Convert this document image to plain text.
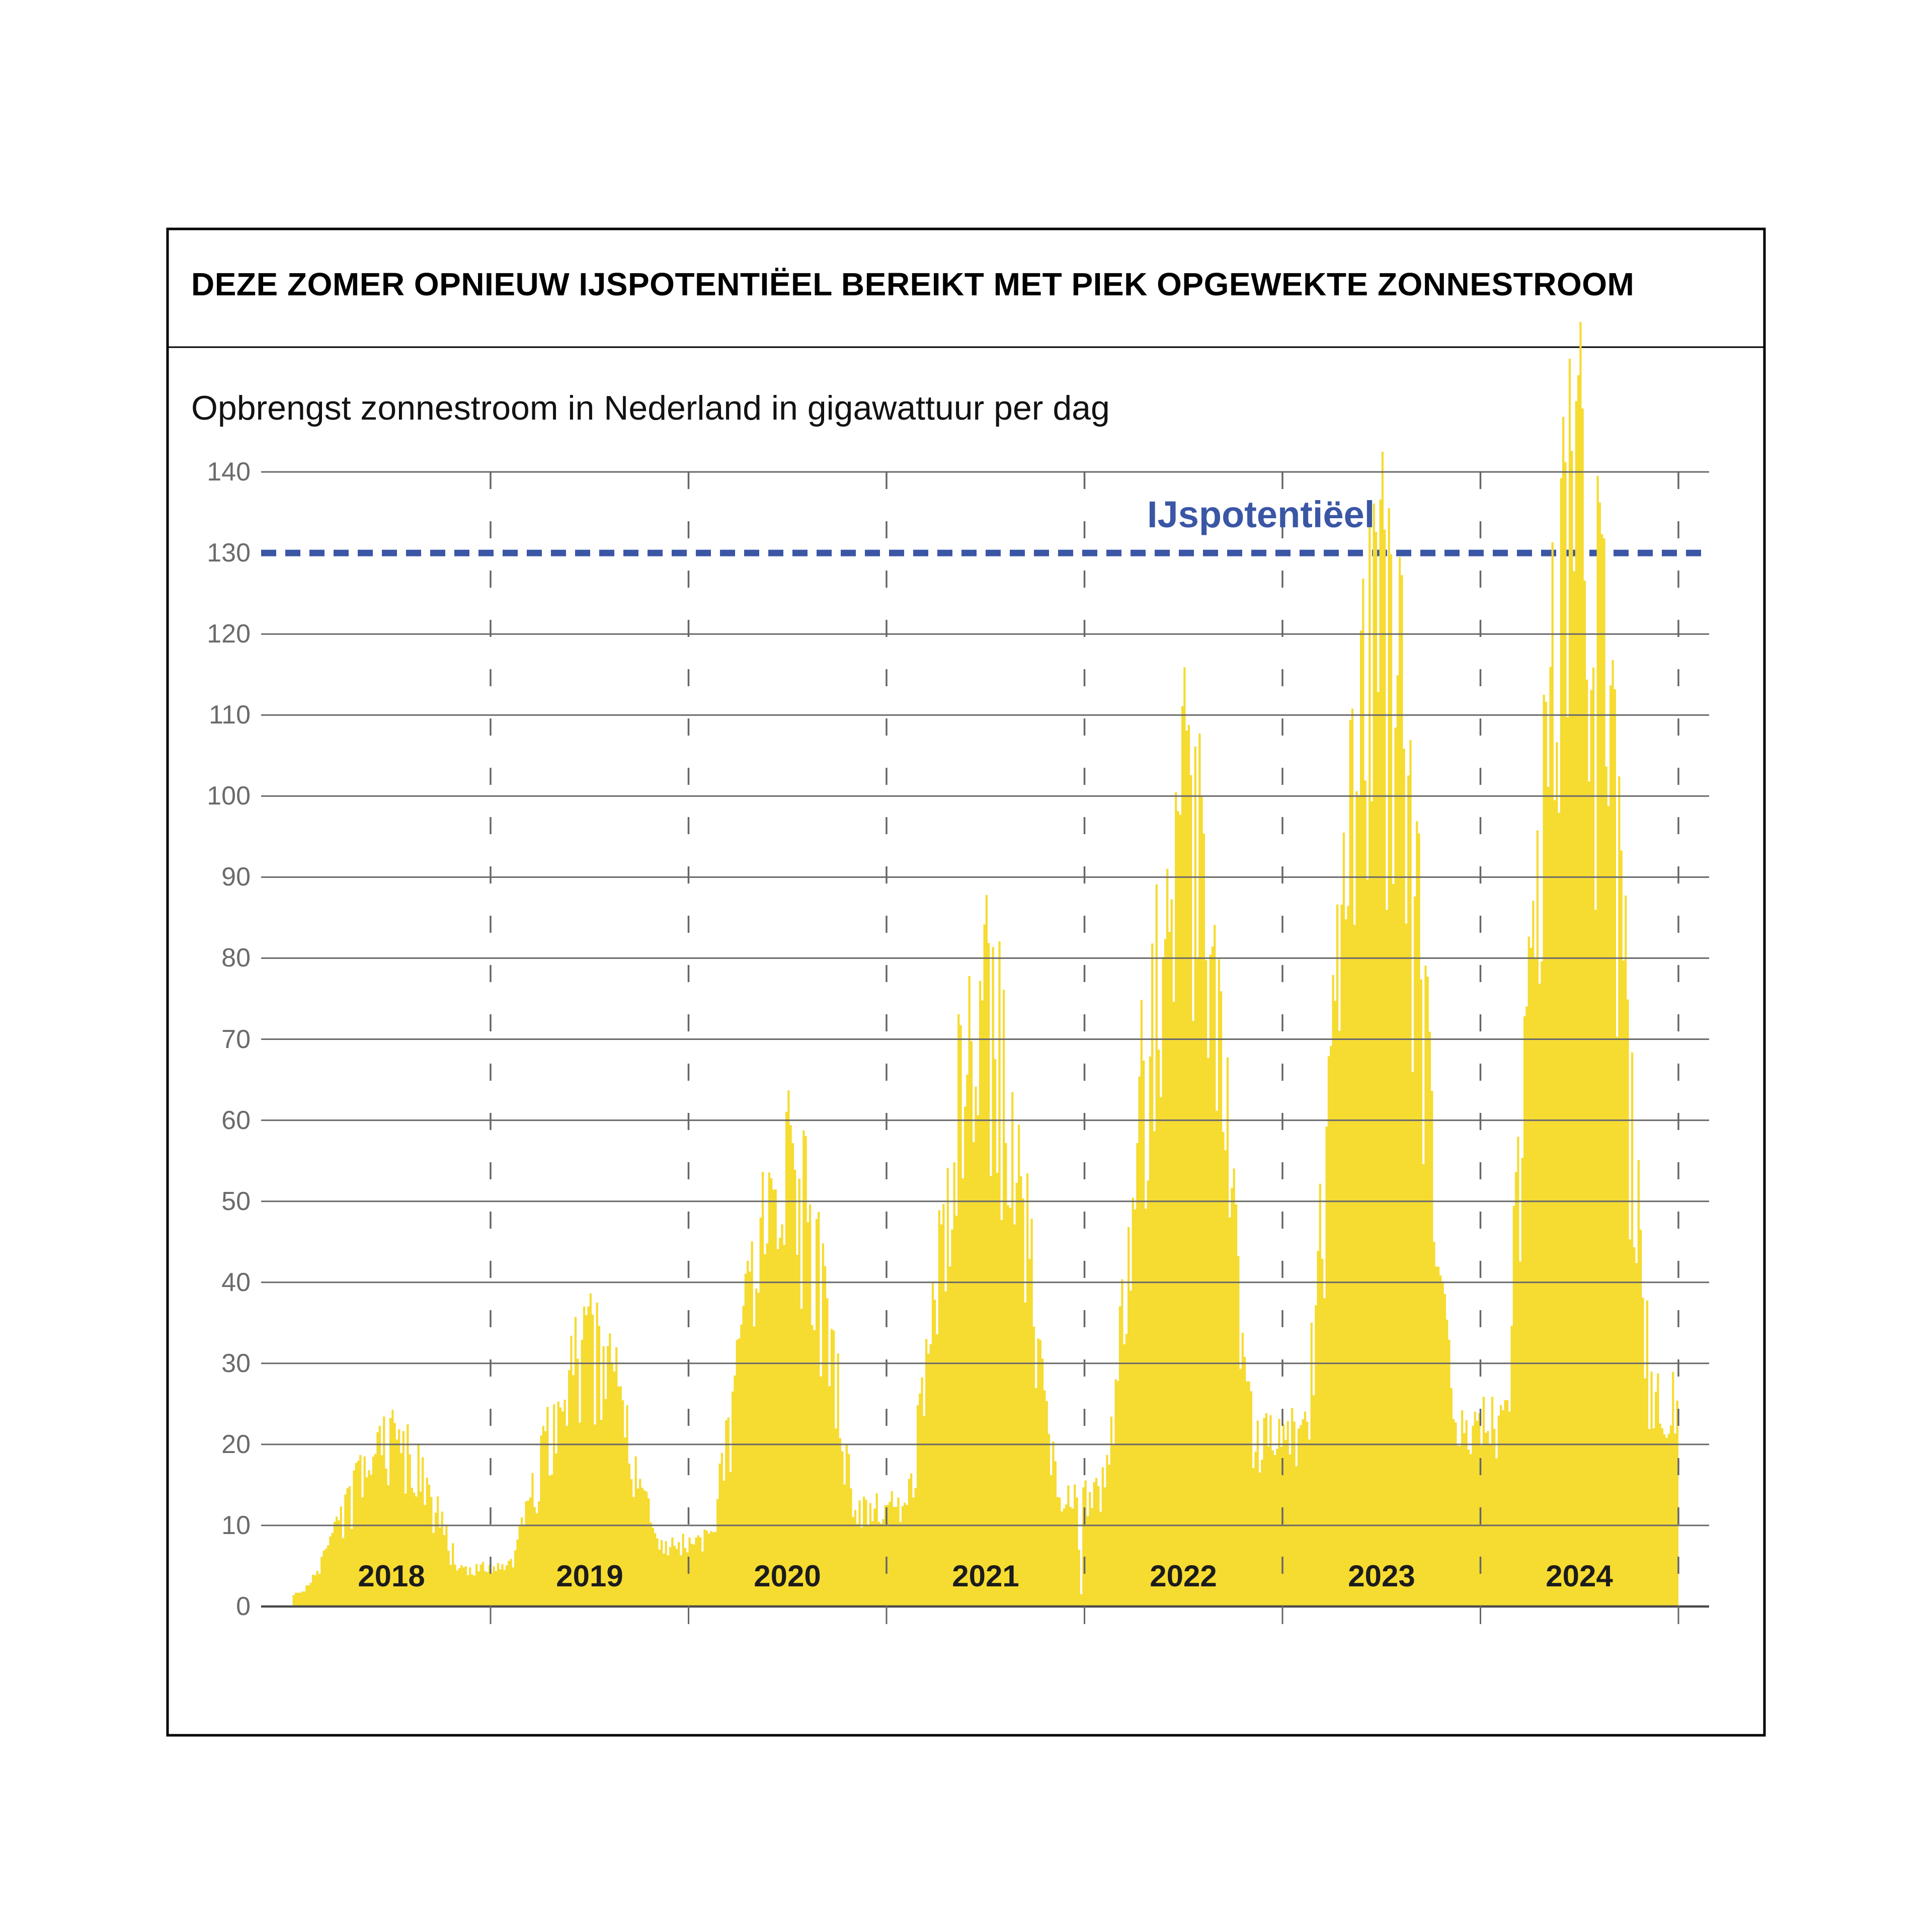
DEZE ZOMER OPNIEUW IJSPOTENTIËEL BEREIKT MET PIEK OPGEWEKTE ZONNESTROOM
Opbrengst zonnestroom in Nederland in gigawattuur per dag
IJspotentiëel
0
10
20
30
40
50
60
70
80
90
100
110
120
130
140
2018	2019	2020	2021	2022	2023	2024
